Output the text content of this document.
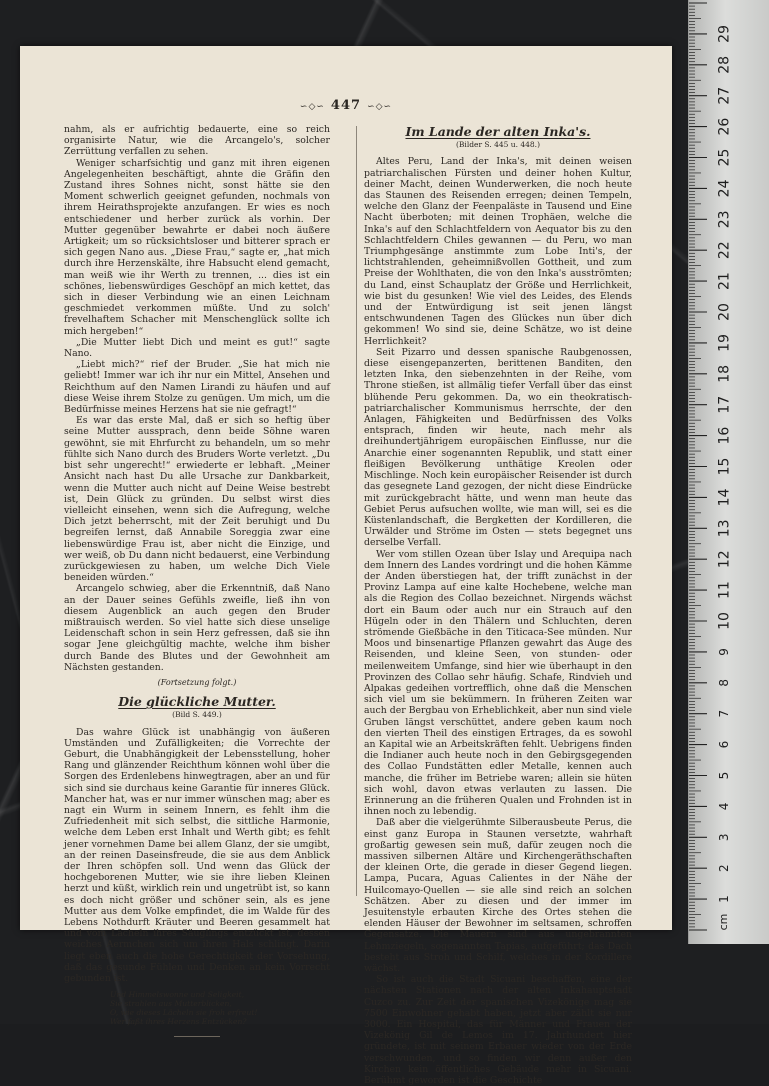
∽◇∽ 447 ∽◇∽

nahm, als er aufrichtig bedauerte, eine so reich organisirte Natur, wie die Arcangelo's, solcher Zerrüttung verfallen zu sehen.

Weniger scharfsichtig und ganz mit ihren eigenen Angelegenheiten beschäftigt, ahnte die Gräfin den Zustand ihres Sohnes nicht, sonst hätte sie den Moment schwerlich geeignet gefunden, nochmals von ihrem Heirathsprojekte anzufangen. Er wies es noch entschiedener und herber zurück als vorhin. Der Mutter gegenüber bewahrte er dabei noch äußere Artigkeit; um so rücksichtsloser und bitterer sprach er sich gegen Nano aus. „Diese Frau,“ sagte er, „hat mich durch ihre Herzenskälte, ihre Habsucht elend gemacht, man weiß wie ihr Werth zu trennen, ... dies ist ein schönes, liebenswürdiges Geschöpf an mich kettet, das sich in dieser Verbindung wie an einen Leichnam geschmiedet verkommen müßte. Und zu solch' frevelhaftem Schacher mit Menschenglück sollte ich mich hergeben!“

„Die Mutter liebt Dich und meint es gut!“ sagte Nano.

„Liebt mich?“ rief der Bruder. „Sie hat mich nie geliebt! Immer war ich ihr nur ein Mittel, Ansehen und Reichthum auf den Namen Lirandi zu häufen und auf diese Weise ihrem Stolze zu genügen. Um mich, um die Bedürfnisse meines Herzens hat sie nie gefragt!“

Es war das erste Mal, daß er sich so heftig über seine Mutter aussprach, denn beide Söhne waren gewöhnt, sie mit Ehrfurcht zu behandeln, um so mehr fühlte sich Nano durch des Bruders Worte verletzt. „Du bist sehr ungerecht!“ erwiederte er lebhaft. „Meiner Ansicht nach hast Du alle Ursache zur Dankbarkeit, wenn die Mutter auch nicht auf Deine Weise bestrebt ist, Dein Glück zu gründen. Du selbst wirst dies vielleicht einsehen, wenn sich die Aufregung, welche Dich jetzt beherrscht, mit der Zeit beruhigt und Du begreifen lernst, daß Annabile Soreggia zwar eine liebenswürdige Frau ist, aber nicht die Einzige, und wer weiß, ob Du dann nicht bedauerst, eine Verbindung zurückgewiesen zu haben, um welche Dich Viele beneiden würden.“

Arcangelo schwieg, aber die Erkenntniß, daß Nano an der Dauer seines Gefühls zweifle, ließ ihn von diesem Augenblick an auch gegen den Bruder mißtrauisch werden. So viel hatte sich diese unselige Leidenschaft schon in sein Herz gefressen, daß sie ihn sogar Jene gleichgültig machte, welche ihm bisher durch Bande des Blutes und der Gewohnheit am Nächsten gestanden.

(Fortsetzung folgt.)
Die glückliche Mutter.
(Bild S. 449.)

Das wahre Glück ist unabhängig von äußeren Umständen und Zufälligkeiten; die Vorrechte der Geburt, die Unabhängigkeit der Lebensstellung, hoher Rang und glänzender Reichthum können wohl über die Sorgen des Erdenlebens hinwegtragen, aber an und für sich sind sie durchaus keine Garantie für inneres Glück. Mancher hat, was er nur immer wünschen mag; aber es nagt ein Wurm in seinem Innern, es fehlt ihm die Zufriedenheit mit sich selbst, die sittliche Harmonie, welche dem Leben erst Inhalt und Werth gibt; es fehlt jener vornehmen Dame bei allem Glanz, der sie umgibt, an der reinen Daseinsfreude, die sie aus dem Anblick der Ihren schöpfen soll. Und wenn das Glück der hochgeborenen Mutter, wie sie ihre lieben Kleinen herzt und küßt, wirklich rein und ungetrübt ist, so kann es doch nicht größer und schöner sein, als es jene Mutter aus dem Volke empfindet, die im Walde für des Lebens Nothdurft Kräuter und Beeren gesammelt hat und vom Lächeln ihres Säuglings entzückt ist, dessen weiches Aermchen sich um ihren Hals schlingt. Darin liegt eben auch die hohe Gerechtigkeit der Vorsehung, daß das gesunde Fühlen und Denken an kein Vorrecht gebunden ist.

Und Himmelswonne und Seligkeit,
Sie strahlen aus Mutterblicken,
O, wie dieses Lächeln sie froh erfreut!
Wer faßt ihres Herzens Entzücken?
Im Lande der alten Inka's.
(Bilder S. 445 u. 448.)

Altes Peru, Land der Inka's, mit deinen weisen patriarchalischen Fürsten und deiner hohen Kultur, deiner Macht, deinen Wunderwerken, die noch heute das Staunen des Reisenden erregen; deinen Tempeln, welche den Glanz der Feenpaläste in Tausend und Eine Nacht überboten; mit deinen Trophäen, welche die Inka's auf den Schlachtfeldern von Aequator bis zu den Schlachtfeldern Chiles gewannen — du Peru, wo man Triumphgesänge anstimmte zum Lobe Inti's, der lichtstrahlenden, geheimnißvollen Gottheit, und zum Preise der Wohlthaten, die von den Inka's ausströmten; du Land, einst Schauplatz der Größe und Herrlichkeit, wie bist du gesunken! Wie viel des Leides, des Elends und der Entwürdigung ist seit jenen längst entschwundenen Tagen des Glückes nun über dich gekommen! Wo sind sie, deine Schätze, wo ist deine Herrlichkeit?

Seit Pizarro und dessen spanische Raubgenossen, diese eisengepanzerten, berittenen Banditen, den letzten Inka, den siebenzehnten in der Reihe, vom Throne stießen, ist allmälig tiefer Verfall über das einst blühende Peru gekommen. Da, wo ein theokratisch-patriarchalischer Kommunismus herrschte, der den Anlagen, Fähigkeiten und Bedürfnissen des Volks entsprach, finden wir heute, nach mehr als dreihundertjährigem europäischen Einflusse, nur die Anarchie einer sogenannten Republik, und statt einer fleißigen Bevölkerung unthätige Kreolen oder Mischlinge. Noch kein europäischer Reisender ist durch das gesegnete Land gezogen, der nicht diese Eindrücke mit zurückgebracht hätte, und wenn man heute das Gebiet Perus aufsuchen wollte, wie man will, sei es die Küstenlandschaft, die Bergketten der Kordilleren, die Urwälder und Ströme im Osten — stets begegnet uns derselbe Verfall.

Wer vom stillen Ozean über Islay und Arequipa nach dem Innern des Landes vordringt und die hohen Kämme der Anden überstiegen hat, der trifft zunächst in der Provinz Lampa auf eine kalte Hochebene, welche man als die Region des Collao bezeichnet. Nirgends wächst dort ein Baum oder auch nur ein Strauch auf den Hügeln oder in den Thälern und Schluchten, deren strömende Gießbäche in den Titicaca-See münden. Nur Moos und binsenartige Pflanzen gewahrt das Auge des Reisenden, und kleine Seen, von stunden- oder meilenweitem Umfange, sind hier wie überhaupt in den Provinzen des Collao sehr häufig. Schafe, Rindvieh und Alpakas gedeihen vortrefflich, ohne daß die Menschen sich viel um sie bekümmern. In früheren Zeiten war auch der Bergbau von Erheblichkeit, aber nun sind viele Gruben längst verschüttet, andere geben kaum noch den vierten Theil des einstigen Ertrages, da es sowohl an Kapital wie an Arbeitskräften fehlt. Uebrigens finden die Indianer auch heute noch in den Gebirgsgegenden des Collao Fundstätten edler Metalle, kennen auch manche, die früher im Betriebe waren; allein sie hüten sich wohl, davon etwas verlauten zu lassen. Die Erinnerung an die früheren Qualen und Frohnden ist in ihnen noch zu lebendig.

Daß aber die vielgerühmte Silberausbeute Perus, die einst ganz Europa in Staunen versetzte, wahrhaft großartig gewesen sein muß, dafür zeugen noch die massiven silbernen Altäre und Kirchengeräthschaften der kleinen Orte, die gerade in dieser Gegend liegen. Lampa, Pucara, Aguas Calientes in der Nähe der Huilcomayo-Quellen — sie alle sind reich an solchen Schätzen. Aber zu diesen und der immer im Jesuitenstyle erbauten Kirche des Ortes stehen die elenden Häuser der Bewohner im seltsamen, schroffen Gegensatze. Die Mauern sind aus ungebrannten Lehmziegeln, sogenannten Tapias, aufgeführt; das Dach besteht aus Stroh und Schilf, welches in der Kordillere wächst.

So ist auch die Stadt Sicuani beschaffen, eine der nächsten Stationen nach der alten Inkahauptstadt Cuzco zu. Zur Zeit der spanischen Vizekönige mag sie 7500 Einwohner gehabt haben, jetzt aber zählt sie nur 3000. Ein Hospital, das für Männer und Frauen der Vizekönig Gil de Lemos im 17. Jahrhundert hier gründete, ist mit seinem Erbauer wieder von der Erde verschwunden, und so finden wir denn außer den Kirchen kein öffentliches Gebäude mehr in Sicuani. Berühmt geworden ist die Geschichte

1
2
3
4
5
6
7
8
9
10
11
12
13
14
15
16
17
18
19
20
21
22
23
24
25
26
27
28
29
cm
